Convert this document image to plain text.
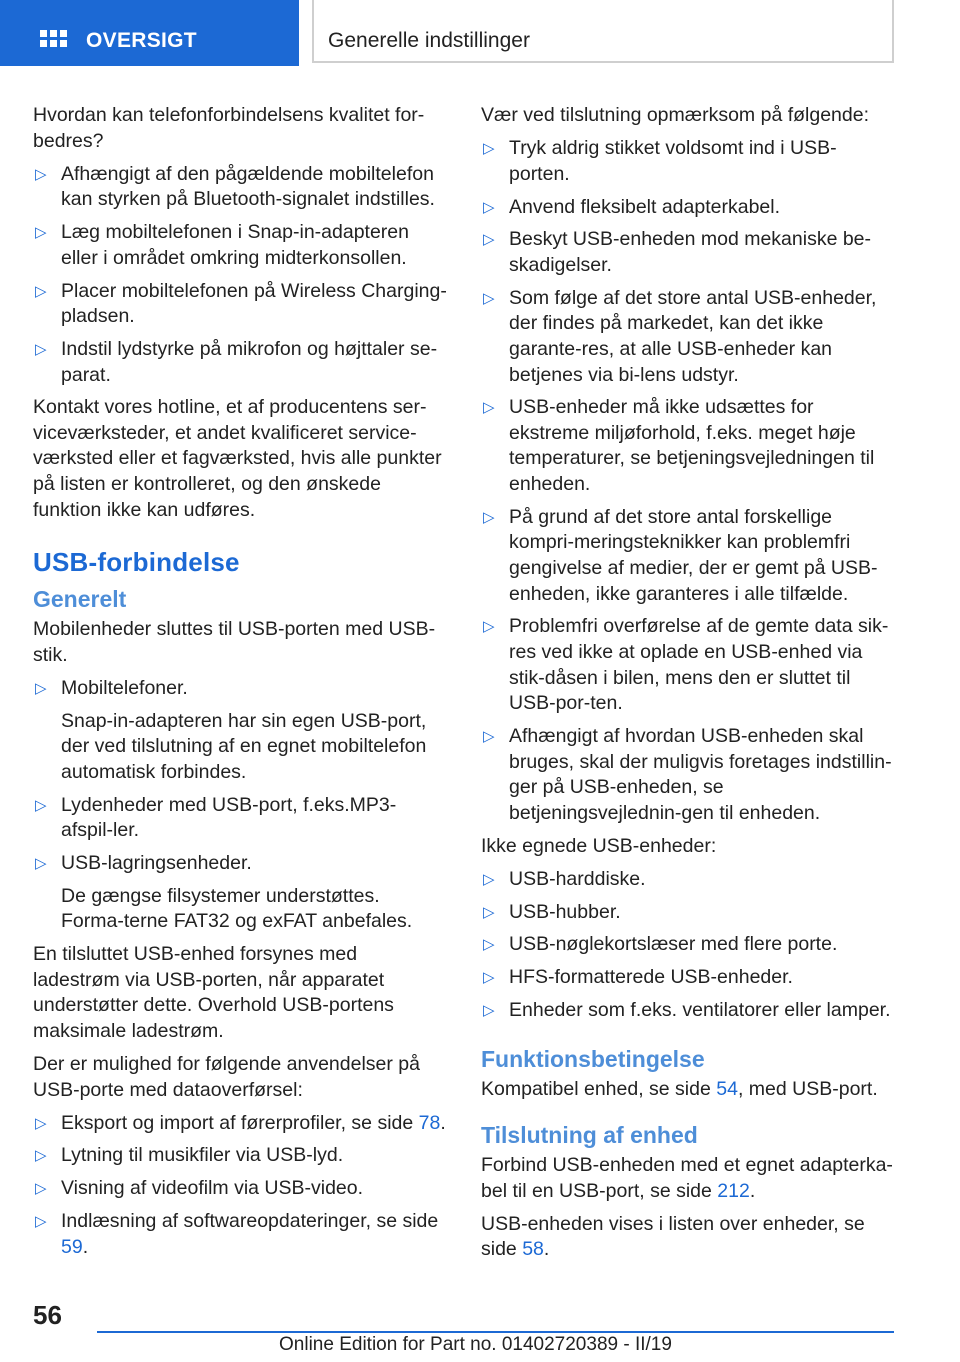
OVERSIGT	Generelle indstillinger

Hvordan kan telefonforbindelsens kvalitet for-bedres?

▷ Afhængigt af den pågældende mobiltelefon kan styrken på Bluetooth-signalet indstilles.
▷ Læg mobiltelefonen i Snap-in-adapteren eller i området omkring midterkonsollen.
▷ Placer mobiltelefonen på Wireless Charging-pladsen.
▷ Indstil lydstyrke på mikrofon og højttaler se-parat.

Kontakt vores hotline, et af producentens ser-viceværksteder, et andet kvalificeret service-værksted eller et fagværksted, hvis alle punkter på listen er kontrolleret, og den ønskede funktion ikke kan udføres.

USB-forbindelse
Generelt

Mobilenheder sluttes til USB-porten med USB-stik.

▷ Mobiltelefoner.
Snap-in-adapteren har sin egen USB-port, der ved tilslutning af en egnet mobiltelefon automatisk forbindes.
▷ Lydenheder med USB-port, f.eks.MP3-afspil-ler.
▷ USB-lagringsenheder.
De gængse filsystemer understøttes. Forma-terne FAT32 og exFAT anbefales.

En tilsluttet USB-enhed forsynes med ladestrøm via USB-porten, når apparatet understøtter dette. Overhold USB-portens maksimale ladestrøm.

Der er mulighed for følgende anvendelser på USB-porte med dataoverførsel:

▷ Eksport og import af førerprofiler, se side 78.
▷ Lytning til musikfiler via USB-lyd.
▷ Visning af videofilm via USB-video.
▷ Indlæsning af softwareopdateringer, se side 59.

Vær ved tilslutning opmærksom på følgende:

▷ Tryk aldrig stikket voldsomt ind i USB-porten.
▷ Anvend fleksibelt adapterkabel.
▷ Beskyt USB-enheden mod mekaniske be-skadigelser.
▷ Som følge af det store antal USB-enheder, der findes på markedet, kan det ikke garante-res, at alle USB-enheder kan betjenes via bi-lens udstyr.
▷ USB-enheder må ikke udsættes for ekstreme miljøforhold, f.eks. meget høje temperaturer, se betjeningsvejledningen til enheden.
▷ På grund af det store antal forskellige kompri-meringsteknikker kan problemfri gengivelse af medier, der er gemt på USB-enheden, ikke garanteres i alle tilfælde.
▷ Problemfri overførelse af de gemte data sik-res ved ikke at oplade en USB-enhed via stik-dåsen i bilen, mens den er sluttet til USB-por-ten.
▷ Afhængigt af hvordan USB-enheden skal bruges, skal der muligvis foretages indstillin-ger på USB-enheden, se betjeningsvejlednin-gen til enheden.

Ikke egnede USB-enheder:

▷ USB-harddiske.
▷ USB-hubber.
▷ USB-nøglekortslæser med flere porte.
▷ HFS-formatterede USB-enheder.
▷ Enheder som f.eks. ventilatorer eller lamper.
Funktionsbetingelse

Kompatibel enhed, se side 54, med USB-port.

Tilslutning af enhed

Forbind USB-enheden med et egnet adapterka-bel til en USB-port, se side 212.

USB-enheden vises i listen over enheder, se side 58.

56
Online Edition for Part no. 01402720389 - II/19
